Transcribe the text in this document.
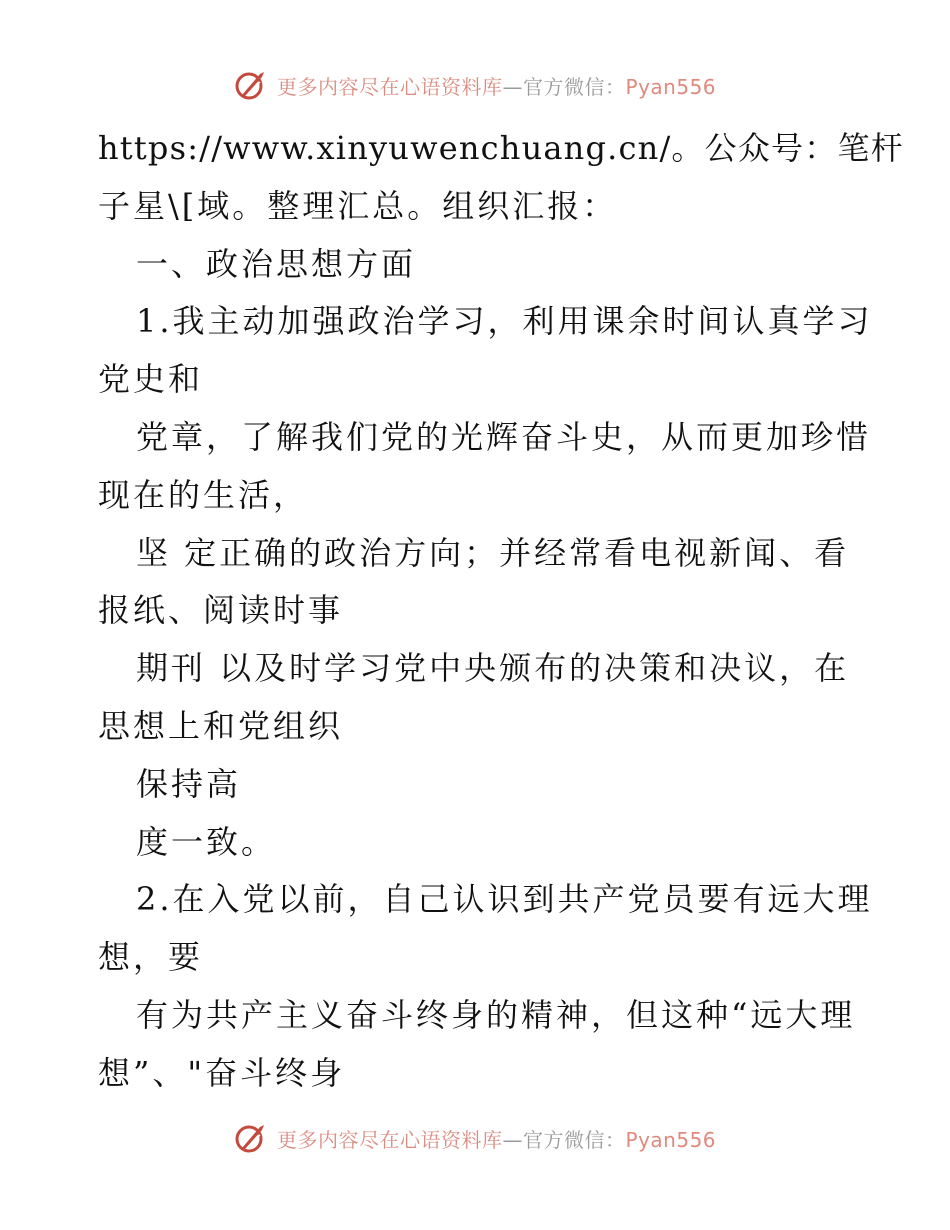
更多内容尽在心语资料库—官方微信：Pyan556
https://www.xinyuwenchuang.cn/。公众号：笔杆
子星\[域。整理汇总。组织汇报：
一、政治思想方面
1.我主动加强政治学习，利用课余时间认真学习
党史和
党章，了解我们党的光辉奋斗史，从而更加珍惜
现在的生活，
坚 定正确的政治方向；并经常看电视新闻、看
报纸、阅读时事
期刊 以及时学习党中央颁布的决策和决议，在
思想上和党组织
保持高
度一致。
2.在入党以前，自己认识到共产党员要有远大理
想，要
有为共产主义奋斗终身的精神，但这种“远大理
想”、"奋斗终身
更多内容尽在心语资料库—官方微信：Pyan556
